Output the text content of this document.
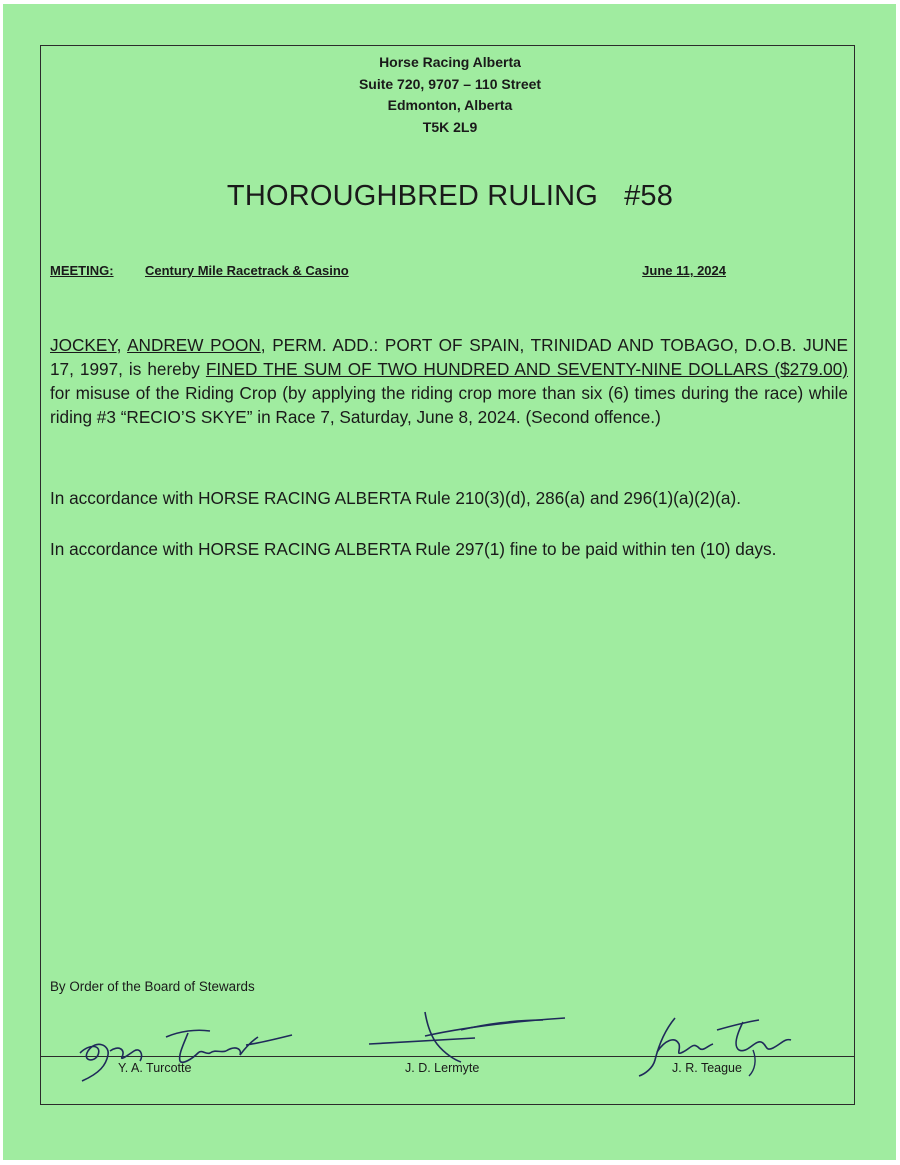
Horse Racing Alberta
Suite 720, 9707 – 110 Street
Edmonton, Alberta
T5K 2L9
THOROUGHBRED RULING #58
MEETING: Century Mile Racetrack & Casino	June 11, 2024
JOCKEY, ANDREW POON, PERM. ADD.: PORT OF SPAIN, TRINIDAD AND TOBAGO, D.O.B. JUNE 17, 1997, is hereby FINED THE SUM OF TWO HUNDRED AND SEVENTY-NINE DOLLARS ($279.00) for misuse of the Riding Crop (by applying the riding crop more than six (6) times during the race) while riding #3 “RECIO’S SKYE” in Race 7, Saturday, June 8, 2024. (Second offence.)
In accordance with HORSE RACING ALBERTA Rule 210(3)(d), 286(a) and 296(1)(a)(2)(a).
In accordance with HORSE RACING ALBERTA Rule 297(1) fine to be paid within ten (10) days.
By Order of the Board of Stewards
Y. A. Turcotte	J. D. Lermyte	J. R. Teague
